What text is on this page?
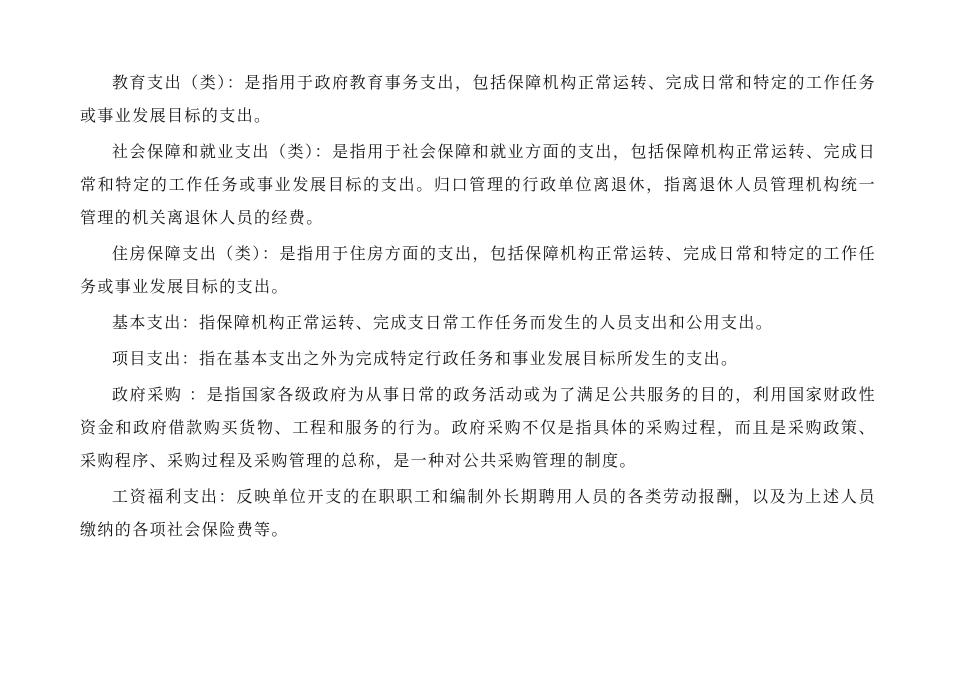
教育支出（类）：是指用于政府教育事务支出，包括保障机构正常运转、完成日常和特定的工作任务或事业发展目标的支出。

社会保障和就业支出（类）：是指用于社会保障和就业方面的支出，包括保障机构正常运转、完成日常和特定的工作任务或事业发展目标的支出。归口管理的行政单位离退休，指离退休人员管理机构统一管理的机关离退休人员的经费。

住房保障支出（类）：是指用于住房方面的支出，包括保障机构正常运转、完成日常和特定的工作任务或事业发展目标的支出。

基本支出：指保障机构正常运转、完成支日常工作任务而发生的人员支出和公用支出。

项目支出：指在基本支出之外为完成特定行政任务和事业发展目标所发生的支出。

政府采购 ：是指国家各级政府为从事日常的政务活动或为了满足公共服务的目的，利用国家财政性资金和政府借款购买货物、工程和服务的行为。政府采购不仅是指具体的采购过程，而且是采购政策、采购程序、采购过程及采购管理的总称，是一种对公共采购管理的制度。

工资福利支出：反映单位开支的在职职工和编制外长期聘用人员的各类劳动报酬，以及为上述人员缴纳的各项社会保险费等。
